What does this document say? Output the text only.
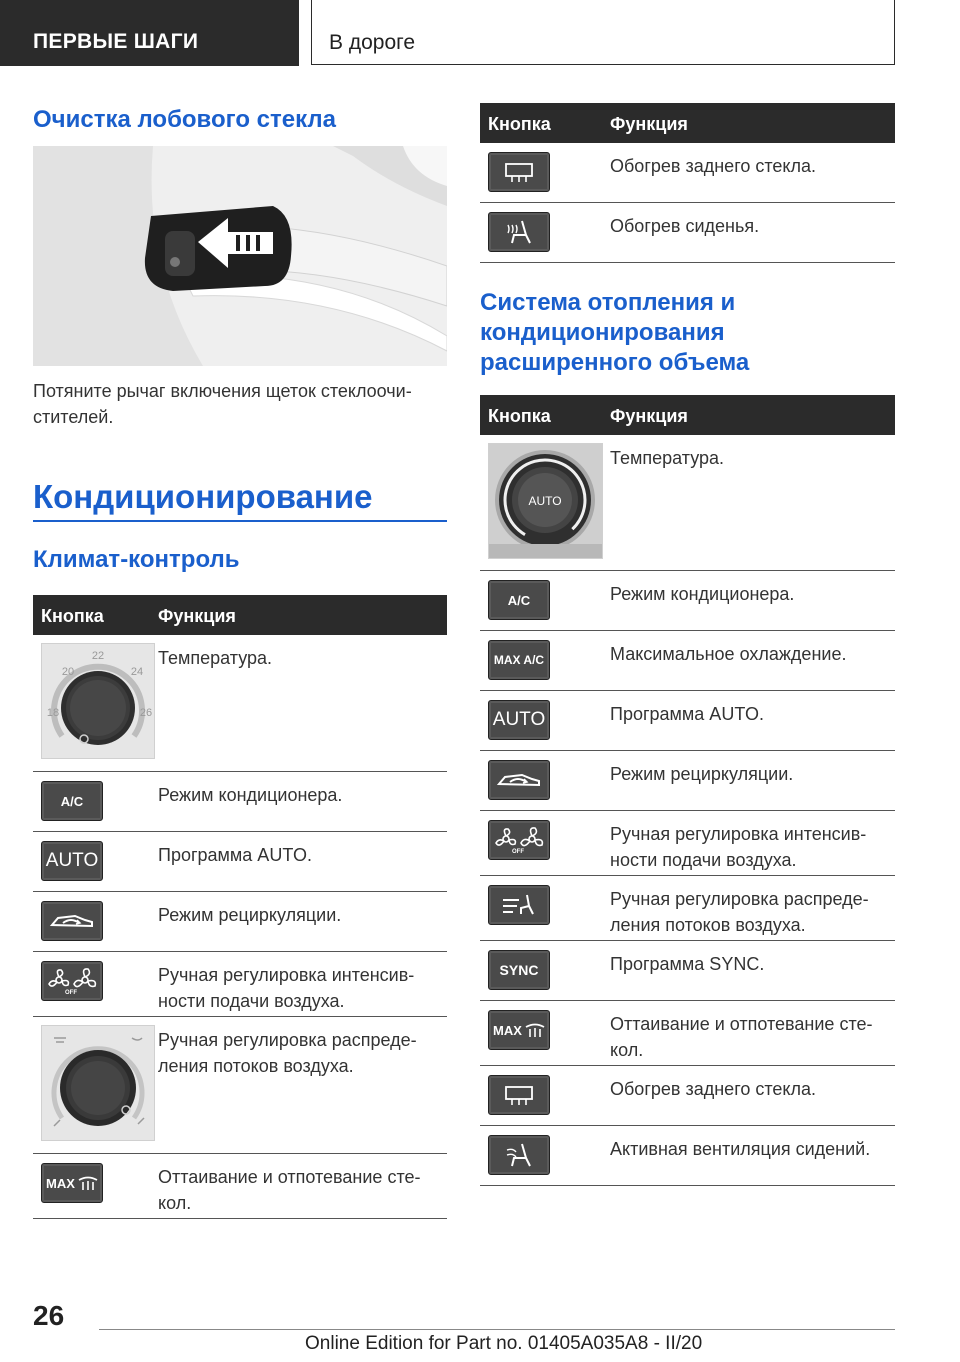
ПЕРВЫЕ ШАГИ	В дороге
Очистка лобового стекла
Потяните рычаг включения щеток стеклоочи-
стителей.
Кондиционирование
Климат-контроль
Кнопка	Функция
22
20	24
18	26
Температура.
A/C	Режим кондиционера.
AUTO	Программа AUTO.
Режим рециркуляции.
OFF
Ручная регулировка интенсив-
ности подачи воздуха.
Ручная регулировка распреде-
ления потоков воздуха.
MAX	Оттаивание и отпотевание сте-
кол.
Кнопка	Функция
Обогрев заднего стекла.
Обогрев сиденья.
Система отопления и
кондиционирования
расширенного объема
Кнопка	Функция
AUTO
Температура.
A/C	Режим кондиционера.
MAX A/C	Максимальное охлаждение.
AUTO	Программа AUTO.
Режим рециркуляции.
OFF
Ручная регулировка интенсив-
ности подачи воздуха.
Ручная регулировка распреде-
ления потоков воздуха.
SYNC	Программа SYNC.
MAX	Оттаивание и отпотевание сте-
кол.
Обогрев заднего стекла.
Активная вентиляция сидений.
26
Online Edition for Part no. 01405A035A8 - II/20
